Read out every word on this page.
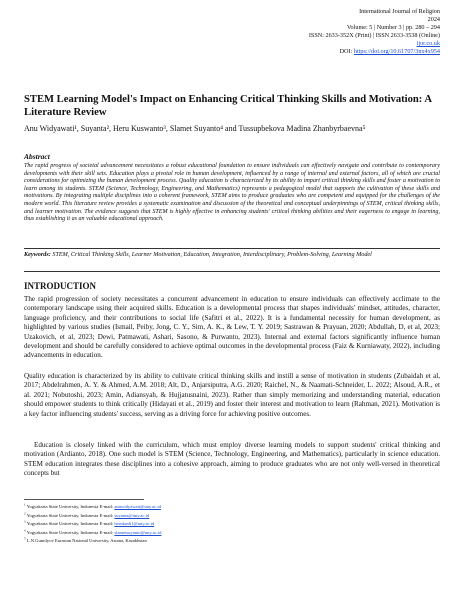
International Journal of Religion
2024
Volume: 5 | Number 3 | pp. 280 – 294
ISSN: 2633-352X (Print) | ISSN 2633-3538 (Online)
ijor.co.uk
DOI: https://doi.org/10.61707/3nx4x954
STEM Learning Model's Impact on Enhancing Critical Thinking Skills and Motivation: A Literature Review
Anu Widyawati¹, Suyanta², Heru Kuswanto³, Slamet Suyanto⁴ and Tussupbekova Madina Zhanbyrbaevna⁵
Abstract
The rapid progress of societal advancement necessitates a robust educational foundation to ensure individuals can effectively navigate and contribute to contemporary developments with their skill sets. Education plays a pivotal role in human development, influenced by a range of internal and external factors, all of which are crucial considerations for optimizing the human development process. Quality education is characterized by its ability to impart critical thinking skills and foster a motivation to learn among its students. STEM (Science, Technology, Engineering, and Mathematics) represents a pedagogical model that supports the cultivation of these skills and motivations. By integrating multiple disciplines into a coherent framework, STEM aims to produce graduates who are competent and equipped for the challenges of the modern world. This literature review provides a systematic examination and discussion of the theoretical and conceptual underpinnings of STEM, critical thinking skills, and learner motivation. The evidence suggests that STEM is highly effective in enhancing students' critical thinking abilities and their eagerness to engage in learning, thus establishing it as an valuable educational approach.
Keywords: STEM, Critical Thinking Skills, Learner Motivation, Education, Integration, Interdisciplinary, Problem-Solving, Learning Model
INTRODUCTION
The rapid progression of society necessitates a concurrent advancement in education to ensure individuals can effectively acclimate to the contemporary landscape using their acquired skills. Education is a developmental process that shapes individuals' mindset, attitudes, character, language proficiency, and their contributions to social life (Safitri et al., 2022). It is a fundamental necessity for human development, as highlighted by various studies (Ismail, Peiby, Jong, C. Y., Sim, A. K., & Lew, T. Y. 2019; Sastrawan & Prayuan, 2020; Abdullah, D, et al, 2023; Uzakovich, et al, 2023; Dewi, Patmawati, Ashari, Sasono, & Purwanto, 2023). Internal and external factors significantly influence human development and should be carefully considered to achieve optimal outcomes in the developmental process (Faiz & Kurniawaty, 2022), including advancements in education.
Quality education is characterized by its ability to cultivate critical thinking skills and instill a sense of motivation in students (Zubaidah et al, 2017; Abdelrahmen, A. Y. & Ahmed, A.M. 2018; Alt, D., Anjarsiputra, A.G. 2020; Raichel, N., & Naamati-Schneider, L. 2022; Alsoud, A.R., et al. 2021; Nobutoshi, 2023; Amin, Adiansyah, & Hujjatusnaini, 2023). Rather than simply memorizing and understanding material, education should empower students to think critically (Hidayati et al., 2019) and foster their interest and motivation to learn (Rahman, 2021). Motivation is a key factor influencing students' success, serving as a driving force for achieving positive outcomes.
Education is closely linked with the curriculum, which must employ diverse learning models to support students' critical thinking and motivation (Ardianto, 2018). One such model is STEM (Science, Technology, Engineering, and Mathematics), particularly in science education. STEM education integrates these disciplines into a cohesive approach, aiming to produce graduates who are not only well-versed in theoretical concepts but
$^1$ Yogyakarta State University, Indonesia E-mail: anuwidyawati@uny.ac.id
$^2$ Yogyakarta State University, Indonesia E-mail: suyanta@uny.ac.id
$^3$ Yogyakarta State University, Indonesia E-mail: herukus61@uny.ac.id
$^4$ Yogyakarta State University, Indonesia E-mail: slametsuyanto@uny.ac.id
$^5$ L.N.Gumilyov Eurasian National University, Astana, Kazakhstan
